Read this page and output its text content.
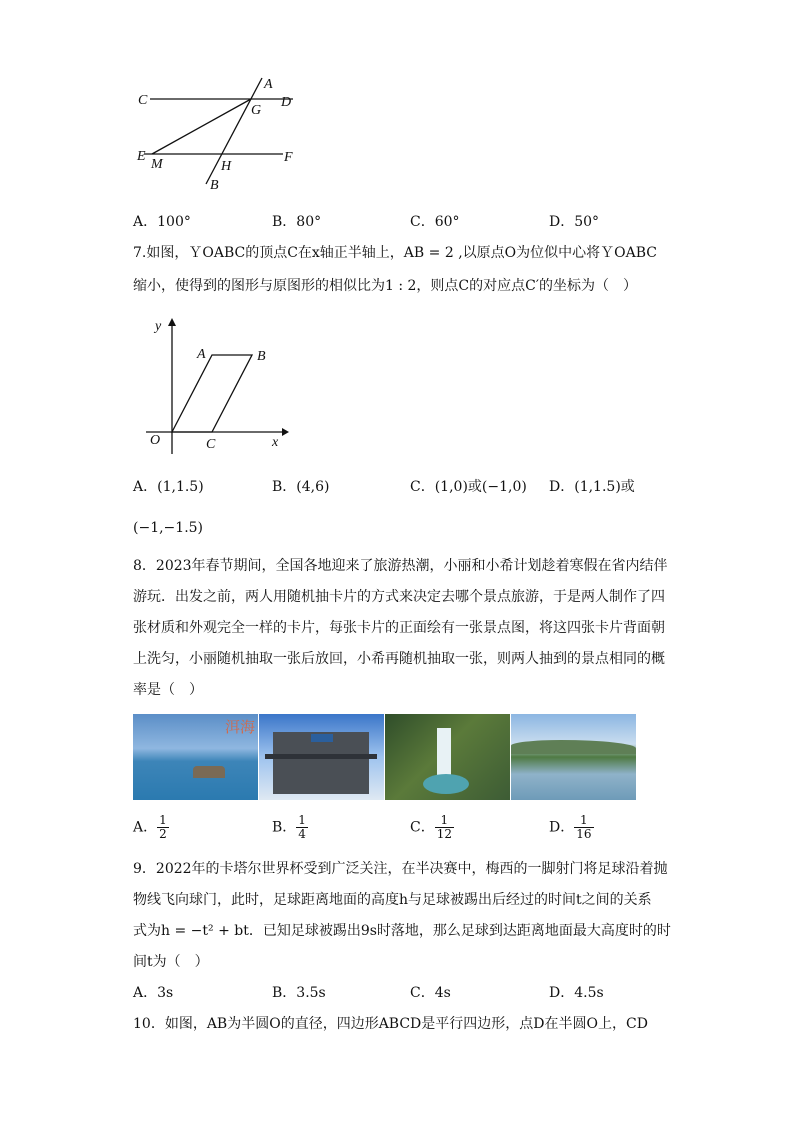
A
C
G
D
E
M	H
F
B
A．100°	B．80°	C．60°	D．50°
7.如图，ＹOABC的顶点C在x轴正半轴上，AB = 2 ,以原点O为位似中心将ＹOABC
缩小，使得到的图形与原图形的相似比为1 : 2，则点C的对应点C′的坐标为（　）
y
x
O
A	B
C
A．(1,1.5)	B．(4,6)	C．(1,0)或(−1,0) D．(1,1.5)或
(−1,−1.5)
8．2023年春节期间，全国各地迎来了旅游热潮，小丽和小希计划趁着寒假在省内结伴
游玩．出发之前，两人用随机抽卡片的方式来决定去哪个景点旅游，于是两人制作了四
张材质和外观完全一样的卡片，每张卡片的正面绘有一张景点图，将这四张卡片背面朝
上洗匀，小丽随机抽取一张后放回，小希再随机抽取一张，则两人抽到的景点相同的概
率是（　）
洱海
A． $\frac{1}{2}$	B． $\frac{1}{4}$	C． $\frac{1}{12}$	D． $\frac{1}{16}$
9．2022年的卡塔尔世界杯受到广泛关注，在半决赛中，梅西的一脚射门将足球沿着抛
物线飞向球门，此时，足球距离地面的高度h与足球被踢出后经过的时间t之间的关系
式为h = −t² + bt．已知足球被踢出9s时落地，那么足球到达距离地面最大高度时的时
间t为（　）
A．3s	B．3.5s	C．4s	D．4.5s
10．如图，AB为半圆O的直径，四边形ABCD是平行四边形，点D在半圆O上，CD
